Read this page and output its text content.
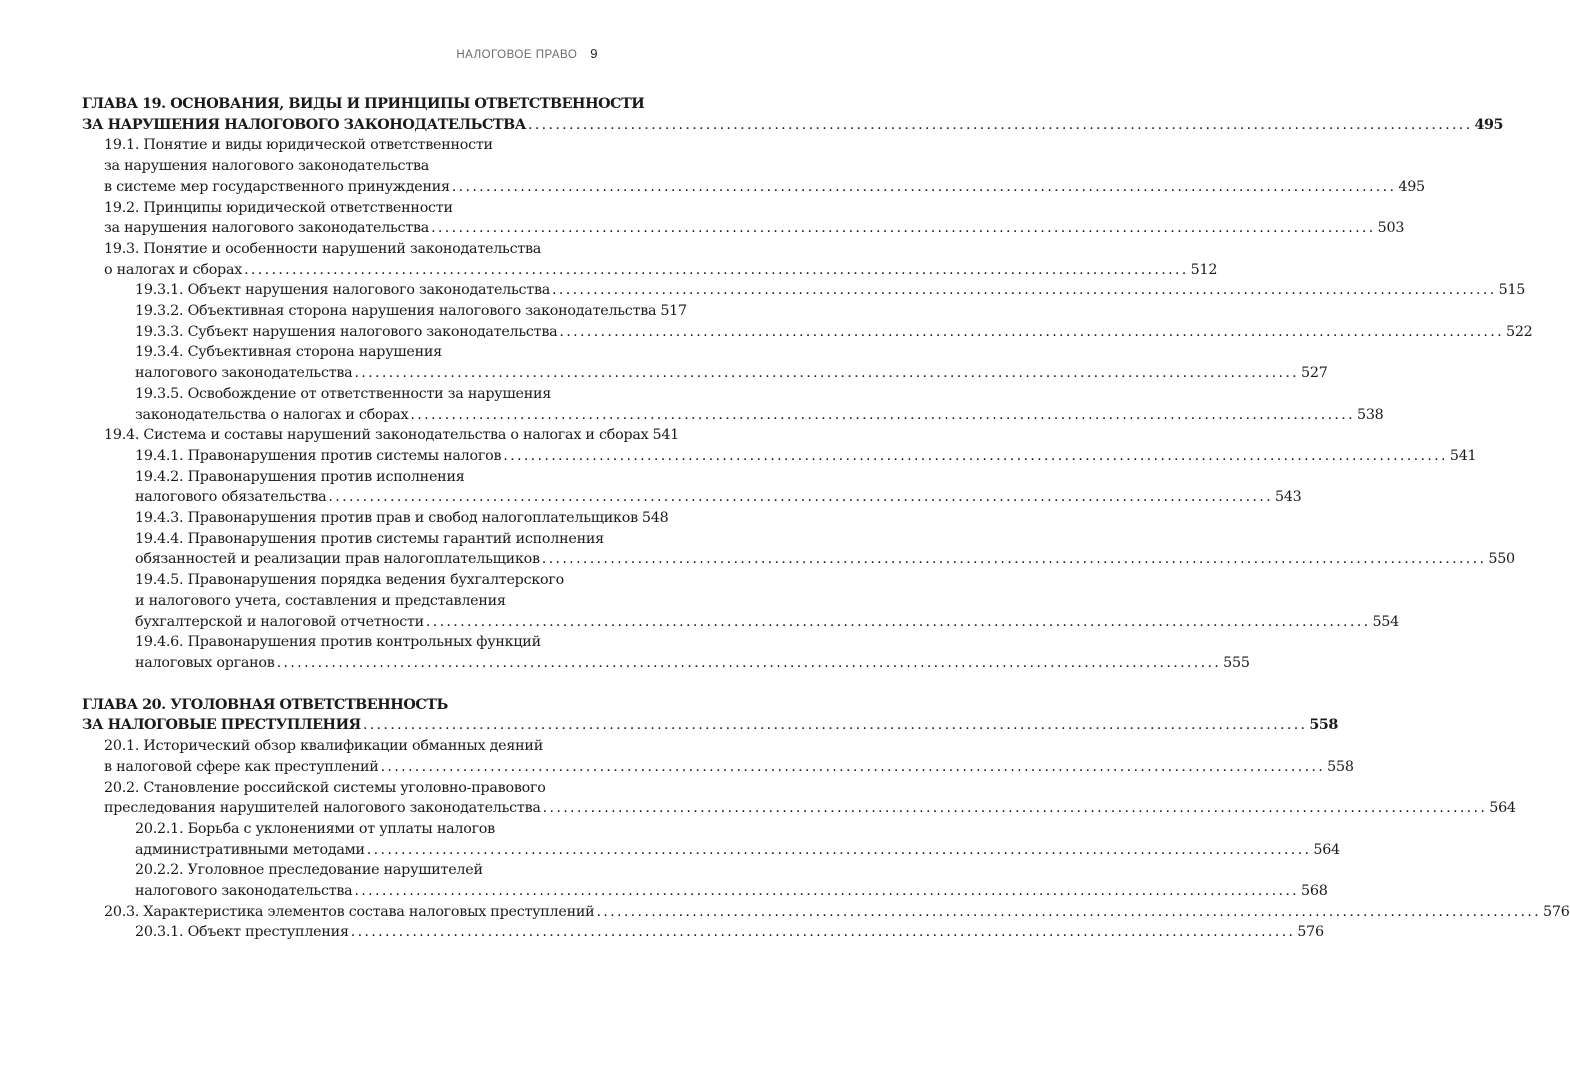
НАЛОГОВОЕ ПРАВО 9
ГЛАВА 19. ОСНОВАНИЯ, ВИДЫ И ПРИНЦИПЫ ОТВЕТСТВЕННОСТИ
ЗА НАРУШЕНИЯ НАЛОГОВОГО ЗАКОНОДАТЕЛЬСТВА .......................................................................................................................................... 495
19.1. Понятие и виды юридической ответственности
за нарушения налогового законодательства
в системе мер государственного принуждения .......................................................................................................................................... 495
19.2. Принципы юридической ответственности
за нарушения налогового законодательства .......................................................................................................................................... 503
19.3. Понятие и особенности нарушений законодательства
о налогах и сборах .......................................................................................................................................... 512
19.3.1. Объект нарушения налогового законодательства .......................................................................................................................................... 515
19.3.2. Объективная сторона нарушения налогового законодательства 517
19.3.3. Субъект нарушения налогового законодательства .......................................................................................................................................... 522
19.3.4. Субъективная сторона нарушения
налогового законодательства .......................................................................................................................................... 527
19.3.5. Освобождение от ответственности за нарушения
законодательства о налогах и сборах .......................................................................................................................................... 538
19.4. Система и составы нарушений законодательства о налогах и сборах 541
19.4.1. Правонарушения против системы налогов .......................................................................................................................................... 541
19.4.2. Правонарушения против исполнения
налогового обязательства .......................................................................................................................................... 543
19.4.3. Правонарушения против прав и свобод налогоплательщиков 548
19.4.4. Правонарушения против системы гарантий исполнения
обязанностей и реализации прав налогоплательщиков .......................................................................................................................................... 550
19.4.5. Правонарушения порядка ведения бухгалтерского
и налогового учета, составления и представления
бухгалтерской и налоговой отчетности .......................................................................................................................................... 554
19.4.6. Правонарушения против контрольных функций
налоговых органов .......................................................................................................................................... 555
ГЛАВА 20. УГОЛОВНАЯ ОТВЕТСТВЕННОСТЬ
ЗА НАЛОГОВЫЕ ПРЕСТУПЛЕНИЯ .......................................................................................................................................... 558
20.1. Исторический обзор квалификации обманных деяний
в налоговой сфере как преступлений .......................................................................................................................................... 558
20.2. Становление российской системы уголовно-правового
преследования нарушителей налогового законодательства .......................................................................................................................................... 564
20.2.1. Борьба с уклонениями от уплаты налогов
административными методами .......................................................................................................................................... 564
20.2.2. Уголовное преследование нарушителей
налогового законодательства .......................................................................................................................................... 568
20.3. Характеристика элементов состава налоговых преступлений .......................................................................................................................................... 576
20.3.1. Объект преступления .......................................................................................................................................... 576
